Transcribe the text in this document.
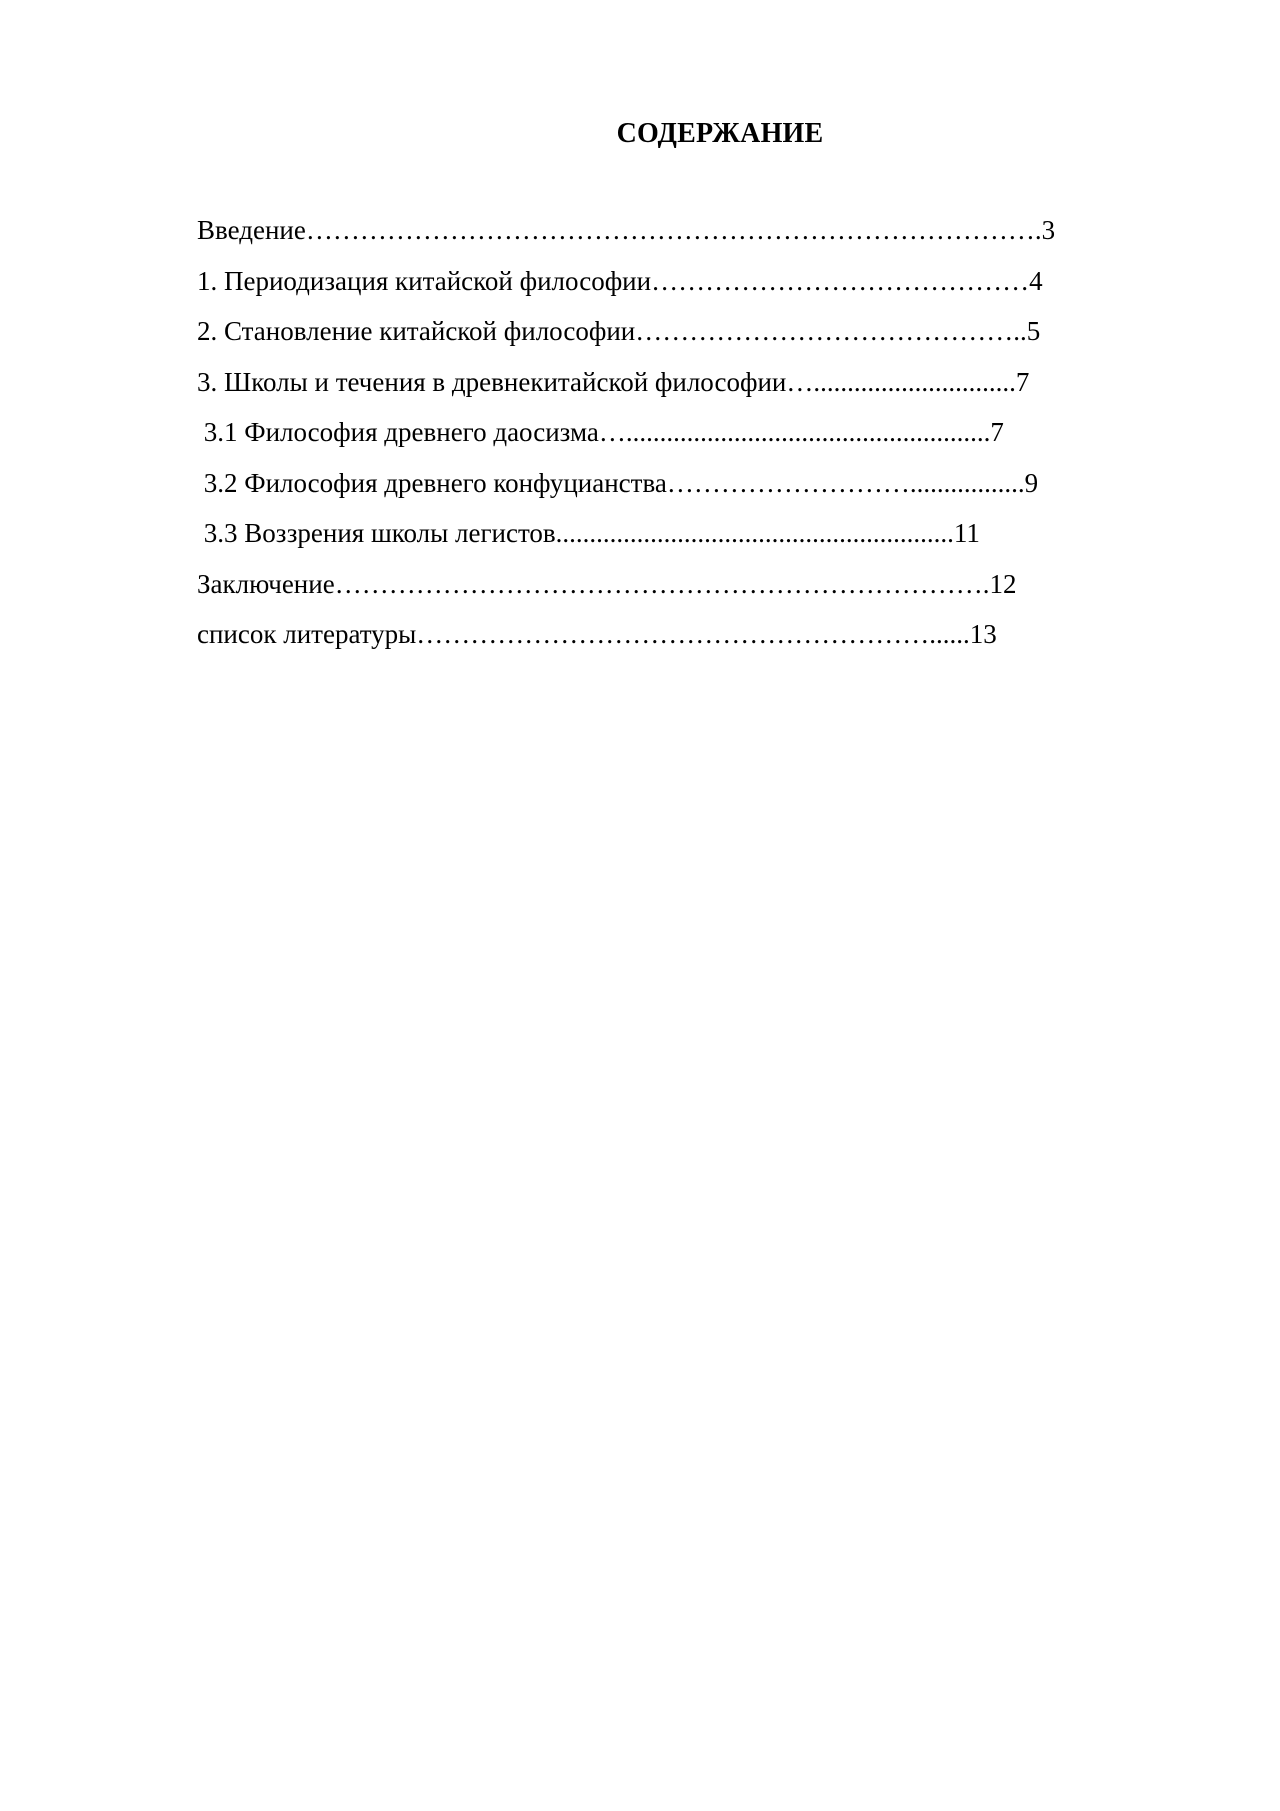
СОДЕРЖАНИЕ
Введение……………………………………………………………………….3
1. Периодизация китайской философии……………………………………4
2. Становление китайской философии……………………………………..5
3. Школы и течения в древнекитайской философии…..............................7
3.1 Философия древнего даосизма…......................................................7
3.2 Философия древнего конфуцианства……………………….................9
3.3 Воззрения школы легистов...........................................................11
Заключение……………………………………………………………….12
список литературы…………………………………………………......13
